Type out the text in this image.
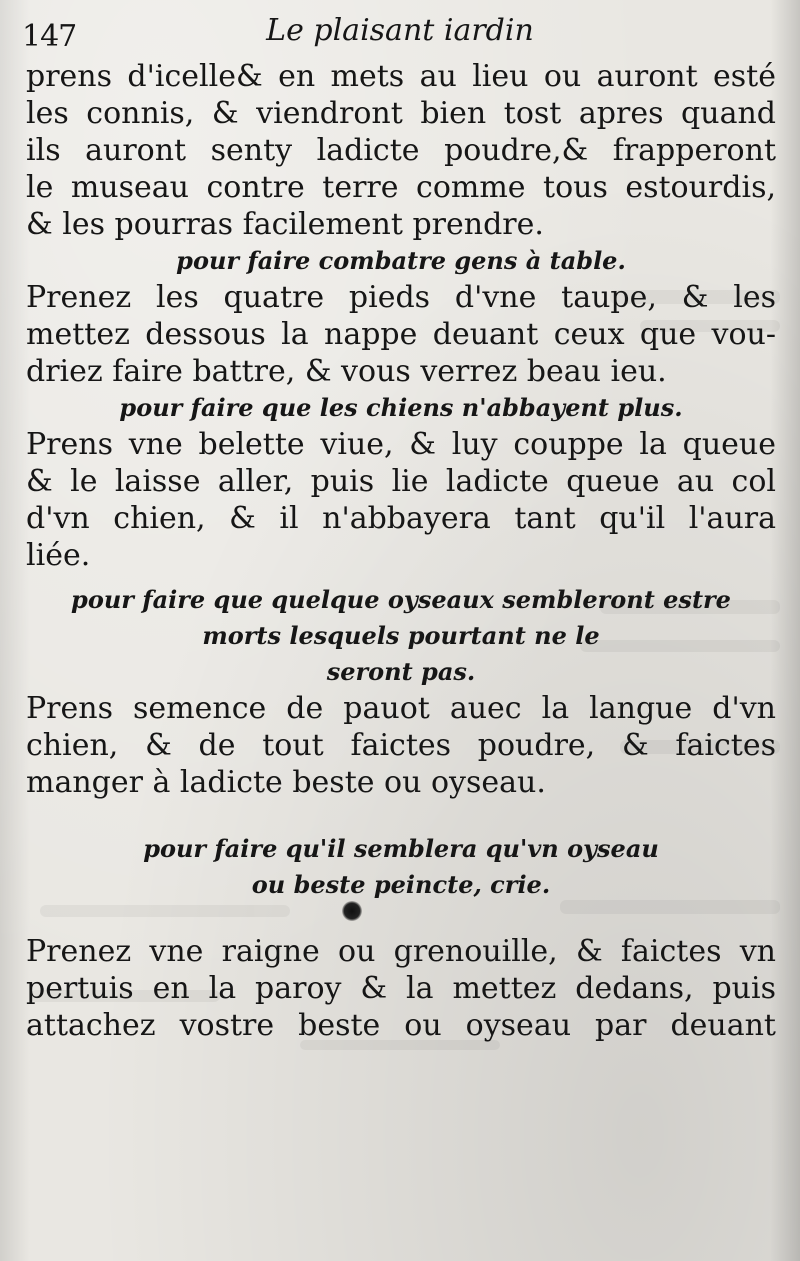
147	Le plaisant iardin
prens d'icelle& en mets au lieu ou auront esté
les connis, & viendront bien tost apres quand
ils auront senty ladicte poudre,& frapperont
le museau contre terre comme tous estourdis,
& les pourras facilement prendre.
pour faire combatre gens à table.
Prenez les quatre pieds d'vne taupe, & les
mettez dessous la nappe deuant ceux que vou-
driez faire battre, & vous verrez beau ieu.
pour faire que les chiens n'abbayent plus.
Prens vne belette viue, & luy couppe la queue
& le laisse aller, puis lie ladicte queue au col
d'vn chien, & il n'abbayera tant qu'il l'aura
liée.
pour faire que quelque oyseaux sembleront estre
morts lesquels pourtant ne le
seront pas.
Prens semence de pauot auec la langue d'vn
chien, & de tout faictes poudre, & faictes
manger à ladicte beste ou oyseau.
pour faire qu'il semblera qu'vn oyseau
ou beste peincte, crie.
Prenez vne raigne ou grenouille, & faictes vn
pertuis en la paroy & la mettez dedans, puis
attachez vostre beste ou oyseau par deuant
